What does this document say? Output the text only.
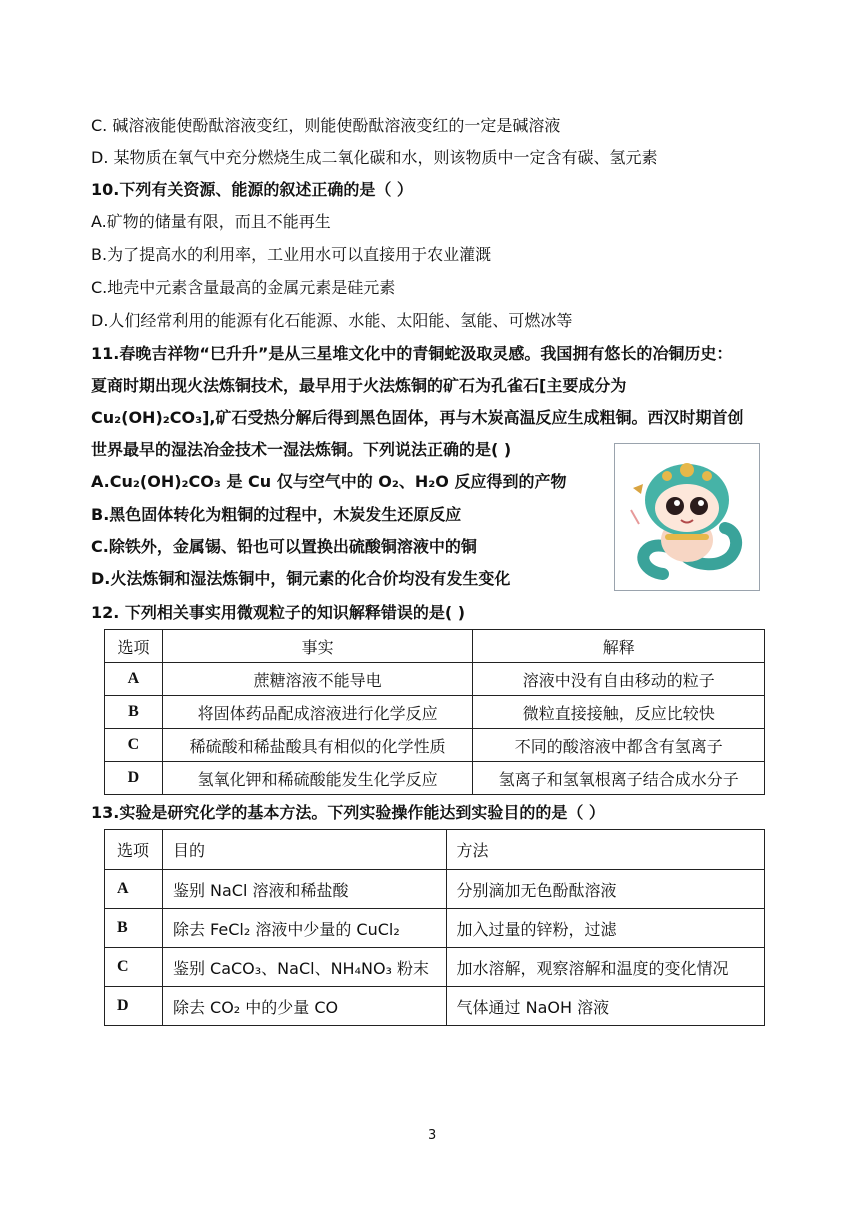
C. 碱溶液能使酚酞溶液变红，则能使酚酞溶液变红的一定是碱溶液
D. 某物质在氧气中充分燃烧生成二氧化碳和水，则该物质中一定含有碳、氢元素
10.下列有关资源、能源的叙述正确的是（ ）
A.矿物的储量有限，而且不能再生
B.为了提高水的利用率，工业用水可以直接用于农业灌溉
C.地壳中元素含量最高的金属元素是硅元素
D.人们经常利用的能源有化石能源、水能、太阳能、氢能、可燃冰等
11.春晚吉祥物“巳升升”是从三星堆文化中的青铜蛇汲取灵感。我国拥有悠长的冶铜历史：
夏商时期出现火法炼铜技术，最早用于火法炼铜的矿石为孔雀石[主要成分为
Cu₂(OH)₂CO₃],矿石受热分解后得到黑色固体，再与木炭高温反应生成粗铜。西汉时期首创
世界最早的湿法冶金技术一湿法炼铜。下列说法正确的是( )
A.Cu₂(OH)₂CO₃ 是 Cu 仅与空气中的 O₂、H₂O 反应得到的产物
B.黑色固体转化为粗铜的过程中，木炭发生还原反应
C.除铁外，金属锡、铅也可以置换出硫酸铜溶液中的铜
D.火法炼铜和湿法炼铜中，铜元素的化合价均没有发生变化
12. 下列相关事实用微观粒子的知识解释错误的是( )
选项	事实	解释
A	蔗糖溶液不能导电	溶液中没有自由移动的粒子
B	将固体药品配成溶液进行化学反应	微粒直接接触，反应比较快
C	稀硫酸和稀盐酸具有相似的化学性质	不同的酸溶液中都含有氢离子
D	氢氧化钾和稀硫酸能发生化学反应	氢离子和氢氧根离子结合成水分子
13.实验是研究化学的基本方法。下列实验操作能达到实验目的的是（ ）
选项	目的	方法
A	鉴别 NaCl 溶液和稀盐酸	分别滴加无色酚酞溶液
B	除去 FeCl₂ 溶液中少量的 CuCl₂	加入过量的锌粉，过滤
C	鉴别 CaCO₃、NaCl、NH₄NO₃ 粉末	加水溶解，观察溶解和温度的变化情况
D	除去 CO₂ 中的少量 CO	气体通过 NaOH 溶液
3
